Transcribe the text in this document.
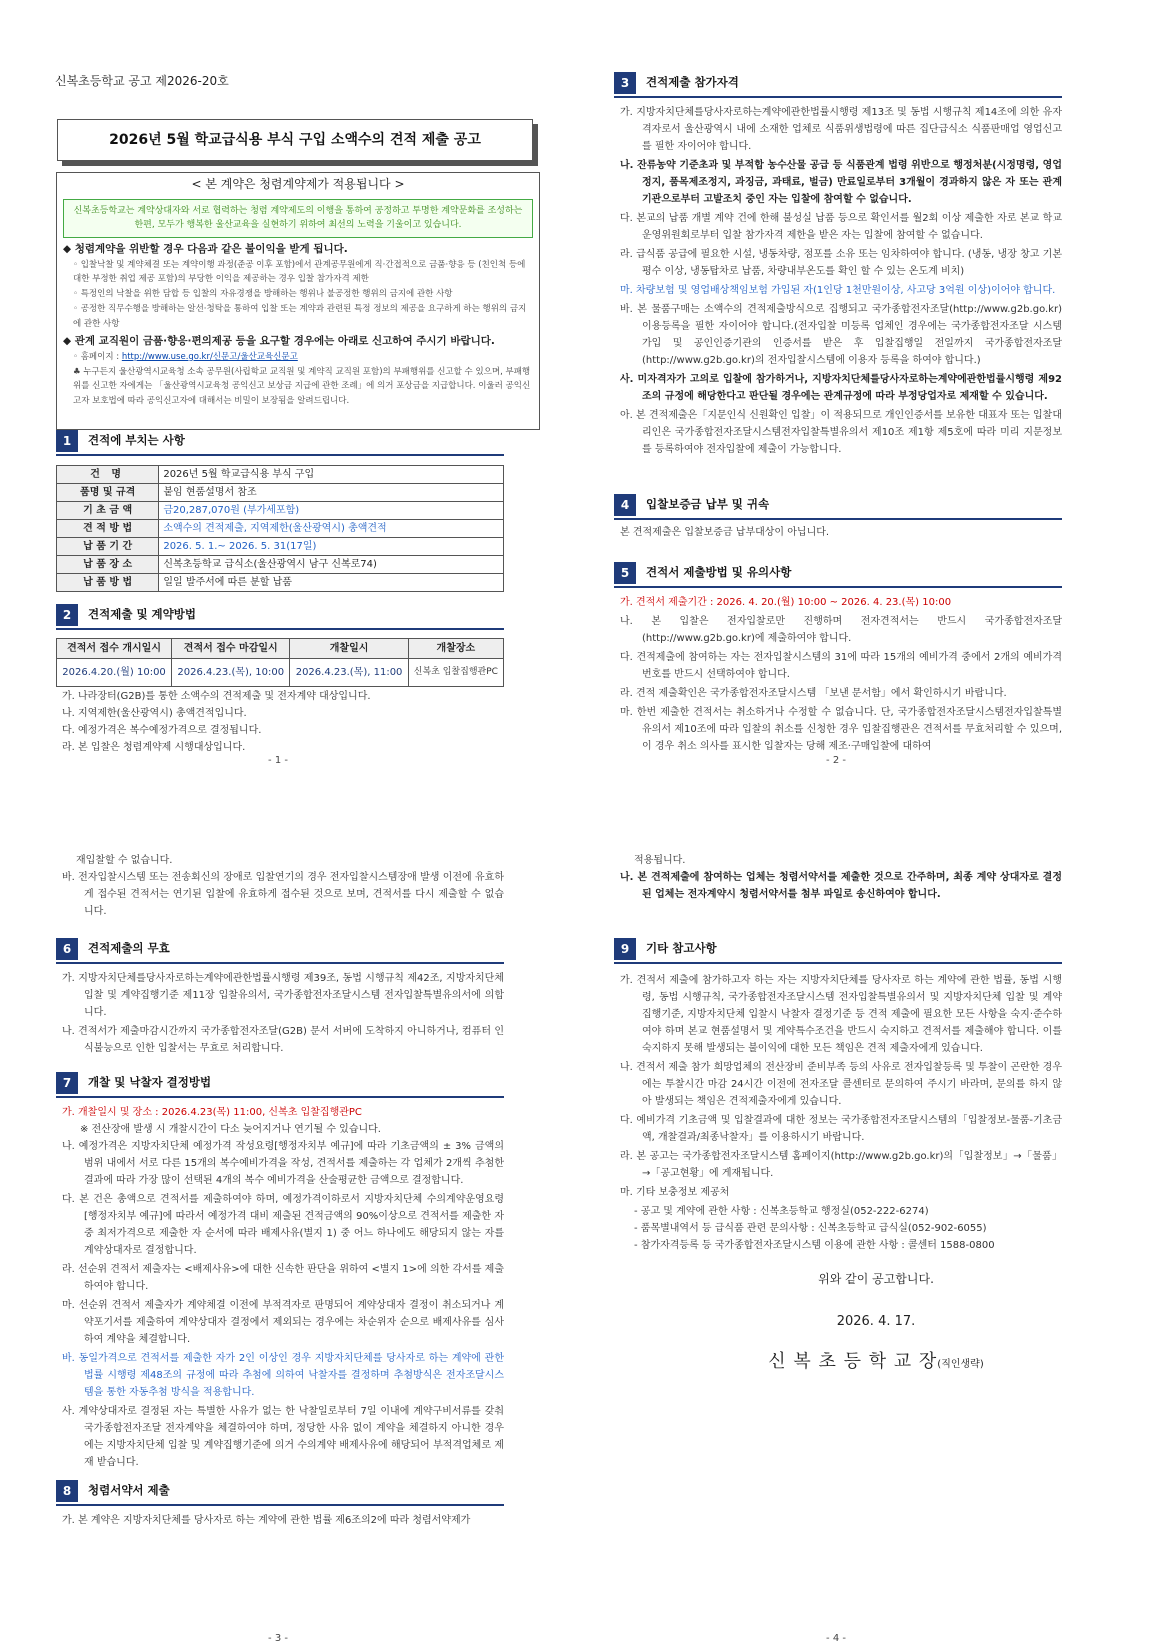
신복초등학교 공고 제2026-20호
2026년 5월 학교급식용 부식 구입 소액수의 견적 제출 공고
< 본 계약은 청렴계약제가 적용됩니다 >
신복초등학교는 계약상대자와 서로 협력하는 청렴 계약제도의 이행을 통하여 공정하고 투명한 계약문화를 조성하는 한편, 모두가 행복한 울산교육을 실현하기 위하여 최선의 노력을 기울이고 있습니다.
◆ 청렴계약을 위반할 경우 다음과 같은 불이익을 받게 됩니다.
◦ 입찰낙찰 및 계약체결 또는 계약이행 과정(준공 이후 포함)에서 관계공무원에게 직·간접적으로 금품·향응 등 (친인척 등에 대한 부정한 취업 제공 포함)의 부당한 이익을 제공하는 경우 입찰 참가자격 제한
◦ 특정인의 낙찰을 위한 담합 등 입찰의 자유경쟁을 방해하는 행위나 불공정한 행위의 금지에 관한 사항
◦ 공정한 직무수행을 방해하는 알선·청탁을 통하여 입찰 또는 계약과 관련된 특정 정보의 제공을 요구하게 하는 행위의 금지에 관한 사항
◆ 관계 교직원이 금품·향응·편의제공 등을 요구할 경우에는 아래로 신고하여 주시기 바랍니다.
◦ 홈페이지 : http://www.use.go.kr/신문고/울산교육신문고
♣ 누구든지 울산광역시교육청 소속 공무원(사립학교 교직원 및 계약직 교직원 포함)의 부패행위를 신고할 수 있으며, 부패행위를 신고한 자에게는 「울산광역시교육청 공익신고 보상금 지급에 관한 조례」에 의거 포상금을 지급합니다. 이울러 공익신고자 보호법에 따라 공익신고자에 대해서는 비밀이 보장됨을 알려드립니다.
1	견적에 부치는 사항
건 명	2026년 5월 학교급식용 부식 구입
품명 및 규격	붙임 현품설명서 참조
기 초 금 액	금20,287,070원 (부가세포함)
견 적 방 법	소액수의 견적제출, 지역제한(울산광역시) 총액견적
납 품 기 간	2026. 5. 1.~ 2026. 5. 31(17일)
납 품 장 소	신복초등학교 급식소(울산광역시 남구 신복로74)
납 품 방 법	일일 발주서에 따른 분할 납품
2	견적제출 및 계약방법
견적서 접수 개시일시	견적서 접수 마감일시	개찰일시	개찰장소
2026.4.20.(월) 10:00	2026.4.23.(목), 10:00	2026.4.23.(목), 11:00	신복초 입찰집행관PC
가. 나라장터(G2B)를 통한 소액수의 견적제출 및 전자계약 대상입니다.
나. 지역제한(울산광역시) 총액견적입니다.
다. 예정가격은 복수예정가격으로 결정됩니다.
라. 본 입찰은 청렴계약제 시행대상입니다.
- 1 -
3	견적제출 참가자격
가. 지방자치단체를당사자로하는계약에관한법률시행령 제13조 및 동법 시행규칙 제14조에 의한 유자격자로서 울산광역시 내에 소재한 업체로 식품위생법령에 따른 집단급식소 식품판매업 영업신고를 필한 자이어야 합니다.
나. 잔류농약 기준초과 및 부적합 농수산물 공급 등 식품관계 법령 위반으로 행정처분(시정명령, 영업정지, 품목제조정지, 과징금, 과태료, 벌금) 만료일로부터 3개월이 경과하지 않은 자 또는 관계기관으로부터 고발조치 중인 자는 입찰에 참여할 수 없습니다.
다. 본교의 납품 개별 계약 건에 한해 불성실 납품 등으로 확인서를 월2회 이상 제출한 자로 본교 학교운영위원회로부터 입찰 참가자격 제한을 받은 자는 입찰에 참여할 수 없습니다.
라. 급식품 공급에 필요한 시설, 냉동차량, 점포를 소유 또는 임차하여야 합니다. (냉동, 냉장 창고 기본평수 이상, 냉동탑차로 납품, 차량내부온도를 확인 할 수 있는 온도계 비치)
마. 차량보험 및 영업배상책임보험 가입된 자(1인당 1천만원이상, 사고당 3억원 이상)이어야 합니다.
바. 본 물품구매는 소액수의 견적제출방식으로 집행되고 국가종합전자조달(http://www.g2b.go.kr)이용등록을 필한 자이어야 합니다.(전자입찰 미등록 업체인 경우에는 국가종합전자조달 시스템 가입 및 공인인증기관의 인증서를 받은 후 입찰집행일 전일까지 국가종합전자조달(http://www.g2b.go.kr)의 전자입찰시스템에 이용자 등록을 하여야 합니다.)
사. 미자격자가 고의로 입찰에 참가하거나, 지방자치단체를당사자로하는계약에관한법률시행령 제92조의 규정에 해당한다고 판단될 경우에는 관계규정에 따라 부정당업자로 제재할 수 있습니다.
아. 본 견적제출은「지문인식 신원확인 입찰」이 적용되므로 개인인증서를 보유한 대표자 또는 입찰대리인은 국가종합전자조달시스템전자입찰특별유의서 제10조 제1항 제5호에 따라 미리 지문정보를 등록하여야 전자입찰에 제출이 가능합니다.
4	입찰보증금 납부 및 귀속
본 견적제출은 입찰보증금 납부대상이 아닙니다.
5	견적서 제출방법 및 유의사항
가. 견적서 제출기간 : 2026. 4. 20.(월) 10:00 ~ 2026. 4. 23.(목) 10:00
나. 본 입찰은 전자입찰로만 진행하며 전자견적서는 반드시 국가종합전자조달(http://www.g2b.go.kr)에 제출하여야 합니다.
다. 견적제출에 참여하는 자는 전자입찰시스템의 31에 따라 15개의 예비가격 중에서 2개의 예비가격번호를 반드시 선택하여야 합니다.
라. 견적 제출확인은 국가종합전자조달시스템 「보낸 문서함」에서 확인하시기 바랍니다.
마. 한번 제출한 견적서는 취소하거나 수정할 수 없습니다. 단, 국가종합전자조달시스템전자입찰특별유의서 제10조에 따라 입찰의 취소를 신청한 경우 입찰집행관은 견적서를 무효처리할 수 있으며, 이 경우 취소 의사를 표시한 입찰자는 당해 제조·구매입찰에 대하여
- 2 -
재입찰할 수 없습니다.
바. 전자입찰시스템 또는 전송회신의 장애로 입찰연기의 경우 전자입찰시스템장애 발생 이전에 유효하게 접수된 견적서는 연기된 입찰에 유효하게 접수된 것으로 보며, 견적서를 다시 제출할 수 없습니다.
6	견적제출의 무효
가. 지방자치단체를당사자로하는계약에관한법률시행령 제39조, 동법 시행규칙 제42조, 지방자치단체 입찰 및 계약집행기준 제11장 입찰유의서, 국가종합전자조달시스템 전자입찰특별유의서에 의합니다.
나. 견적서가 제출마감시간까지 국가종합전자조달(G2B) 문서 서버에 도착하지 아니하거나, 컴퓨터 인식불능으로 인한 입찰서는 무효로 처리합니다.
7	개찰 및 낙찰자 결정방법
가. 개찰일시 및 장소 : 2026.4.23(목) 11:00, 신복초 입찰집행관PC
※ 전산장애 발생 시 개찰시간이 다소 늦어지거나 연기될 수 있습니다.
나. 예정가격은 지방자치단체 예정가격 작성요령[행정자치부 예규]에 따라 기초금액의 ± 3% 금액의 범위 내에서 서로 다른 15개의 복수예비가격을 작성, 견적서를 제출하는 각 업체가 2개씩 추첨한 결과에 따라 가장 많이 선택된 4개의 복수 예비가격을 산술평균한 금액으로 결정합니다.
다. 본 건은 총액으로 견적서를 제출하여야 하며, 예정가격이하로서 지방자치단체 수의계약운영요령[행정자치부 예규]에 따라서 예정가격 대비 제출된 견적금액의 90%이상으로 견적서를 제출한 자 중 최저가격으로 제출한 자 순서에 따라 배제사유(별지 1) 중 어느 하나에도 해당되지 않는 자를 계약상대자로 결정합니다.
라. 선순위 견적서 제출자는 <배제사유>에 대한 신속한 판단을 위하여 <별지 1>에 의한 각서를 제출하여야 합니다.
마. 선순위 견적서 제출자가 계약체결 이전에 부적격자로 판명되어 계약상대자 결정이 취소되거나 계약포기서를 제출하여 계약상대자 결정에서 제외되는 경우에는 차순위자 순으로 배제사유를 심사하여 계약을 체결합니다.
바. 동일가격으로 견적서를 제출한 자가 2인 이상인 경우 지방자치단체를 당사자로 하는 계약에 관한 법률 시행령 제48조의 규정에 따라 추첨에 의하여 낙찰자를 결정하며 추첨방식은 전자조달시스템을 통한 자동추첨 방식을 적용합니다.
사. 계약상대자로 결정된 자는 특별한 사유가 없는 한 낙찰일로부터 7일 이내에 계약구비서류를 갖춰 국가종합전자조달 전자계약을 체결하여야 하며, 정당한 사유 없이 계약을 체결하지 아니한 경우에는 지방자치단체 입찰 및 계약집행기준에 의거 수의계약 배제사유에 해당되어 부적격업체로 제재 받습니다.
8	청렴서약서 제출
가. 본 계약은 지방자치단체를 당사자로 하는 계약에 관한 법률 제6조의2에 따라 청렴서약제가
- 3 -
적용됩니다.
나. 본 견적제출에 참여하는 업체는 청렴서약서를 제출한 것으로 간주하며, 최종 계약 상대자로 결정된 업체는 전자계약시 청렴서약서를 첨부 파일로 송신하여야 합니다.
9	기타 참고사항
가. 견적서 제출에 참가하고자 하는 자는 지방자치단체를 당사자로 하는 계약에 관한 법률, 동법 시행령, 동법 시행규칙, 국가종합전자조달시스템 전자입찰특별유의서 및 지방자치단체 입찰 및 계약 집행기준, 지방자치단체 입찰시 낙찰자 결정기준 등 견적 제출에 필요한 모든 사항을 숙지·준수하여야 하며 본교 현품설명서 및 계약특수조건을 반드시 숙지하고 견적서를 제출해야 합니다. 이를 숙지하지 못해 발생되는 불이익에 대한 모든 책임은 견적 제출자에게 있습니다.
나. 견적서 제출 참가 희망업체의 전산장비 준비부족 등의 사유로 전자입찰등록 및 투찰이 곤란한 경우에는 투찰시간 마감 24시간 이전에 전자조달 콜센터로 문의하여 주시기 바라며, 문의를 하지 않아 발생되는 책임은 견적제출자에게 있습니다.
다. 예비가격 기초금액 및 입찰결과에 대한 정보는 국가종합전자조달시스템의「입찰정보-물품-기초금액, 개찰결과/최종낙찰자」를 이용하시기 바랍니다.
라. 본 공고는 국가종합전자조달시스템 홈페이지(http://www.g2b.go.kr)의「입찰정보」→「물품」→「공고현황」에 게재됩니다.
마. 기타 보충정보 제공처
- 공고 및 계약에 관한 사항 : 신복초등학교 행정실(052-222-6274)
- 품목별내역서 등 급식품 관련 문의사항 : 신복초등학교 급식실(052-902-6055)
- 참가자격등록 등 국가종합전자조달시스템 이용에 관한 사항 : 콜센터 1588-0800
위와 같이 공고합니다.
2026. 4. 17.
신 복 초 등 학 교 장(직인생략)
- 4 -
